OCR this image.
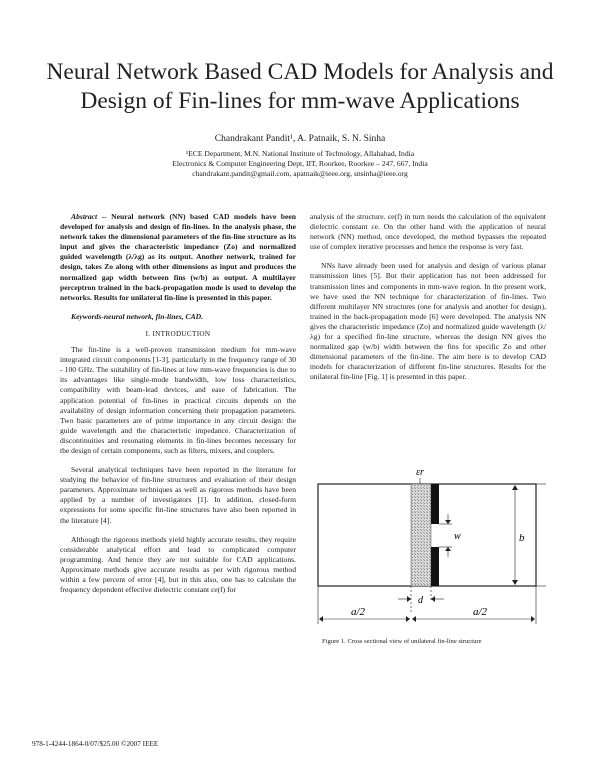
Neural Network Based CAD Models for Analysis and
Design of Fin-lines for mm-wave Applications
Chandrakant Pandit¹, A. Patnaik, S. N. Sinha
¹ECE Department, M.N. National Institute of Technology, Allahabad, India
Electronics & Computer Engineering Dept, IIT, Roorkee, Roorkee – 247, 667, India
chandrakant.pandit@gmail.com, apatnaik@ieee.org, snsinha@ieee.org

Abstract -- Neural network (NN) based CAD models have been developed for analysis and design of fin-lines. In the analysis phase, the network takes the dimensional parameters of the fin-line structure as its input and gives the characteristic impedance (Zo) and normalized guided wavelength (λ/λg) as its output. Another network, trained for design, takes Zo along with other dimensions as input and produces the normalized gap width between fins (w/b) as output. A multilayer perceptron trained in the back-propagation mode is used to develop the networks. Results for unilateral fin-line is presented in this paper.

Keywords-neural network, fin-lines, CAD.

I. INTRODUCTION

The fin-line is a well-proven transmission medium for mm-wave integrated circuit components [1-3], particularly in the frequency range of 30 - 100 GHz. The suitability of fin-lines at low mm-wave frequencies is due to its advantages like single-mode bandwidth, low loss characteristics, compatibility with beam-lead devices, and ease of fabrication. The application potential of fin-lines in practical circuits depends on the availability of design information concerning their propagation parameters. Two basic parameters are of prime importance in any circuit design: the guide wavelength and the characteristic impedance. Characterization of discontinuities and resonating elements in fin-lines becomes necessary for the design of certain components, such as filters, mixers, and couplers.

Several analytical techniques have been reported in the literature for studying the behavior of fin-line structures and evaluation of their design parameters. Approximate techniques as well as rigorous methods have been applied by a number of investigators [1]. In addition, closed-form expressions for some specific fin-line structures have also been reported in the literature [4].

Although the rigorous methods yield highly accurate results, they require considerable analytical effort and lead to complicated computer programming. And hence they are not suitable for CAD applications. Approximate methods give accurate results as per with rigorous method within a few percent of error [4], but in this also, one has to calculate the frequency dependent effective dielectric constant εe(f) for

analysis of the structure. εe(f) in turn needs the calculation of the equivalent dielectric constant εe. On the other hand with the application of neural network (NN) method, once developed, the method bypasses the repeated use of complex iterative processes and hence the response is very fast.

NNs have already been used for analysis and design of various planar transmission lines [5]. But their application has not been addressed for transmission lines and components in mm-wave region. In the present work, we have used the NN technique for characterization of fin-lines. Two different multilayer NN structures (one for analysis and another for design), trained in the back-propagation mode [6] were developed. The analysis NN gives the characteristic impedance (Zo) and normalized guide wavelength (λ/λg) for a specified fin-line structure, whereas the design NN gives the normalized gap (w/b) width between the fins for specific Zo and other dimensional parameters of the fin-line. The aim here is to develop CAD models for characterization of different fin-line structures. Results for the unilateral fin-line [Fig. 1] is presented in this paper.

εr
w	b
d
a/2	a/2
Figure 1. Cross sectional view of unilateral fin-line structure
978-1-4244-1864-0/07/$25.00 ©2007 IEEE
